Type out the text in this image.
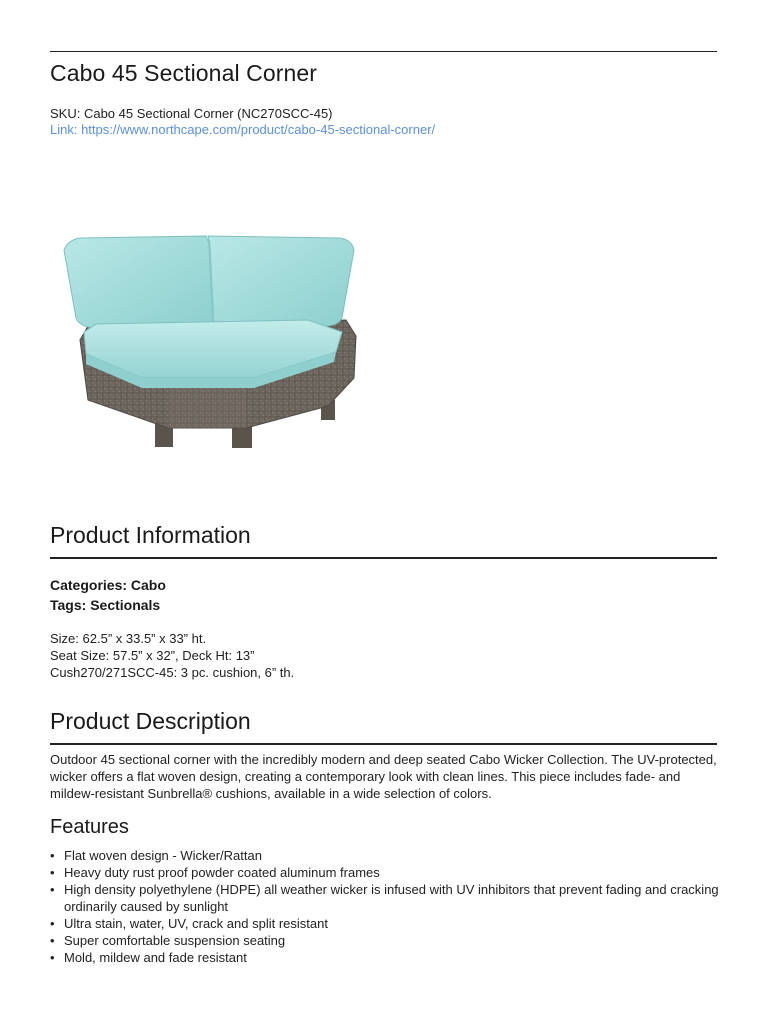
Cabo 45 Sectional Corner
SKU: Cabo 45 Sectional Corner (NC270SCC-45)
Link: https://www.northcape.com/product/cabo-45-sectional-corner/
Product Information
Categories: Cabo
Tags: Sectionals
Size: 62.5” x 33.5” x 33” ht.
Seat Size: 57.5” x 32”, Deck Ht: 13”
Cush270/271SCC-45: 3 pc. cushion, 6” th.
Product Description

Outdoor 45 sectional corner with the incredibly modern and deep seated Cabo Wicker Collection. The UV-protected, wicker offers a flat woven design, creating a contemporary look with clean lines. This piece includes fade- and mildew-resistant Sunbrella® cushions, available in a wide selection of colors.

Features
• Flat woven design - Wicker/Rattan
• Heavy duty rust proof powder coated aluminum frames
• High density polyethylene (HDPE) all weather wicker is infused with UV inhibitors that prevent fading and cracking ordinarily caused by sunlight
• Ultra stain, water, UV, crack and split resistant
• Super comfortable suspension seating
• Mold, mildew and fade resistant
